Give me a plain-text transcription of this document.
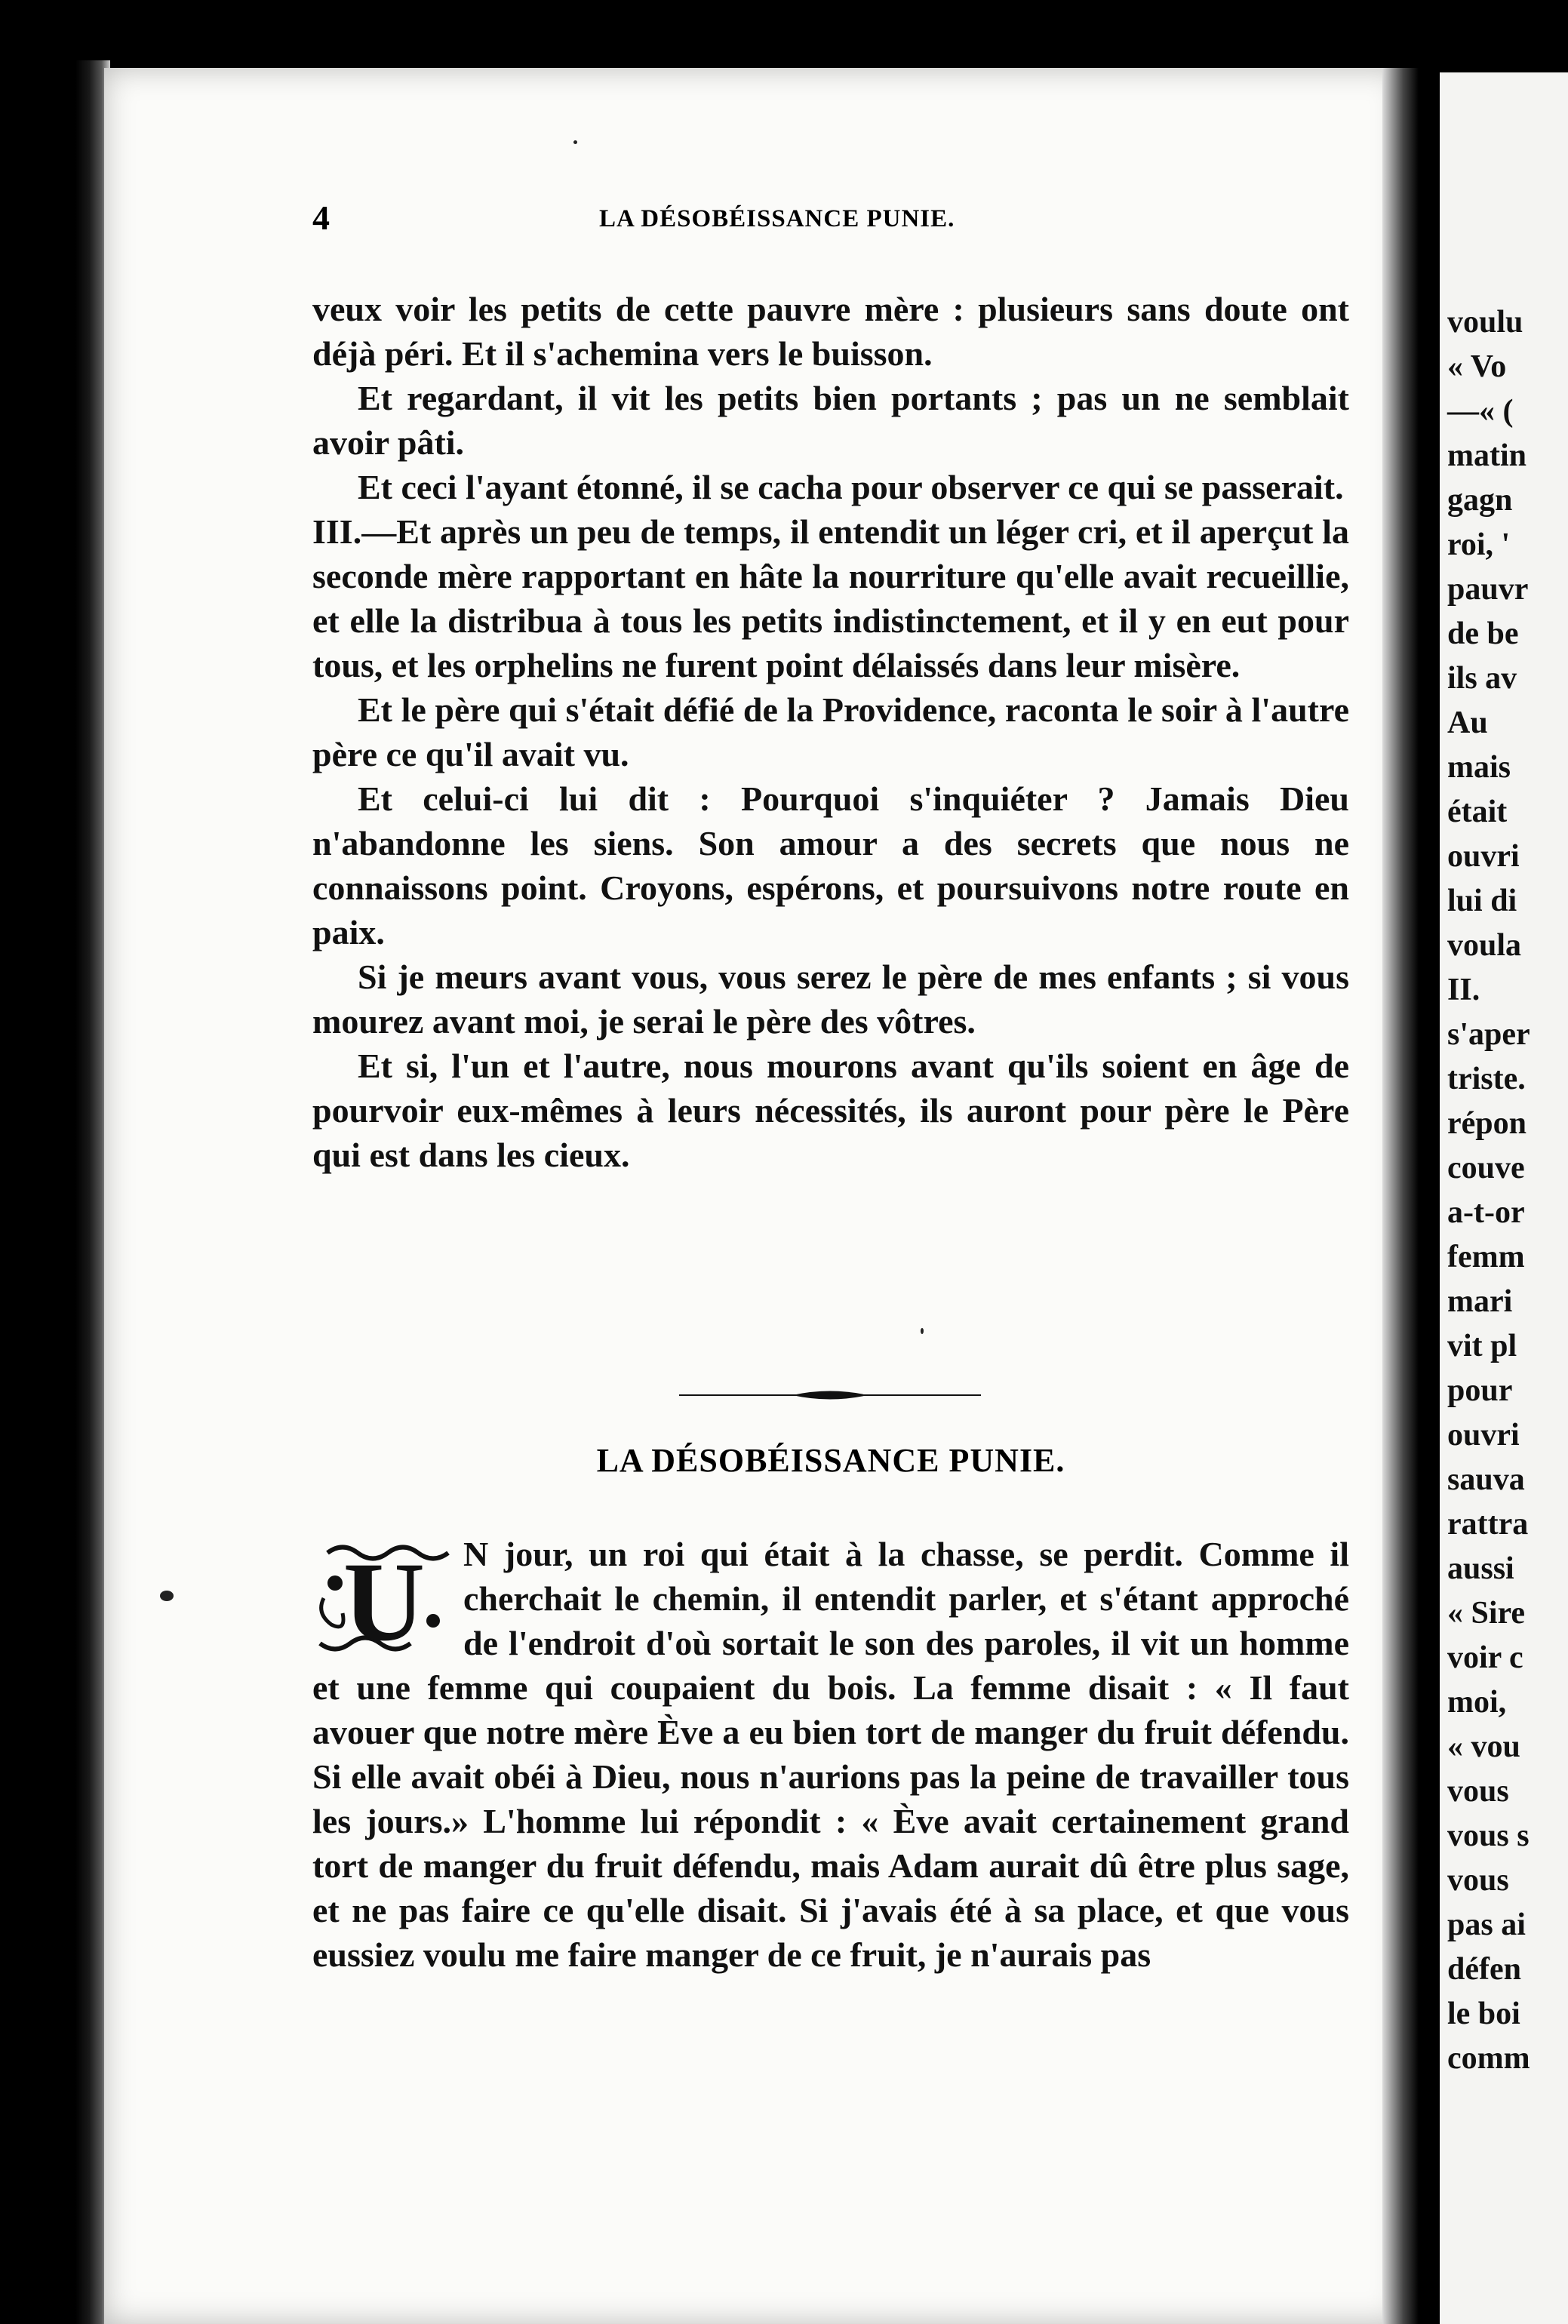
voulu
« Vo
—« (
matin
gagn
roi, '
pauvr
de be
ils av
Au
mais
était
ouvri
lui di
voula
II.
s'aper
triste.
répon
couve
a-t-or
femm
mari
vit pl
pour
ouvri
sauva
rattra
aussi
« Sire
voir c
moi,
« vou
vous
vous s
vous
pas ai
défen
le boi
comm
4	LA DÉSOBÉISSANCE PUNIE.

veux voir les petits de cette pauvre mère : plusieurs sans doute ont déjà péri. Et il s'achemina vers le buisson.

Et regardant, il vit les petits bien portants ; pas un ne semblait avoir pâti.

Et ceci l'ayant étonné, il se cacha pour observer ce qui se passerait.

III.—Et après un peu de temps, il entendit un léger cri, et il aperçut la seconde mère rapportant en hâte la nourriture qu'elle avait recueillie, et elle la distribua à tous les petits indistinctement, et il y en eut pour tous, et les orphelins ne furent point délaissés dans leur misère.

Et le père qui s'était défié de la Providence, raconta le soir à l'autre père ce qu'il avait vu.

Et celui-ci lui dit : Pourquoi s'inquiéter ? Jamais Dieu n'abandonne les siens. Son amour a des secrets que nous ne connaissons point. Croyons, espérons, et poursuivons notre route en paix.

Si je meurs avant vous, vous serez le père de mes enfants ; si vous mourez avant moi, je serai le père des vôtres.

Et si, l'un et l'autre, nous mourons avant qu'ils soient en âge de pourvoir eux-mêmes à leurs nécessités, ils auront pour père le Père qui est dans les cieux.

LA DÉSOBÉISSANCE PUNIE.

U N jour, un roi qui était à la chasse, se perdit. Comme il cherchait le chemin, il entendit parler, et s'étant approché de l'endroit d'où sortait le son des paroles, il vit un homme et une femme qui coupaient du bois. La femme disait : « Il faut avouer que notre mère Ève a eu bien tort de manger du fruit défendu. Si elle avait obéi à Dieu, nous n'aurions pas la peine de travailler tous les jours.» L'homme lui répondit : « Ève avait certainement grand tort de manger du fruit défendu, mais Adam aurait dû être plus sage, et ne pas faire ce qu'elle disait. Si j'avais été à sa place, et que vous eussiez voulu me faire manger de ce fruit, je n'aurais pas
